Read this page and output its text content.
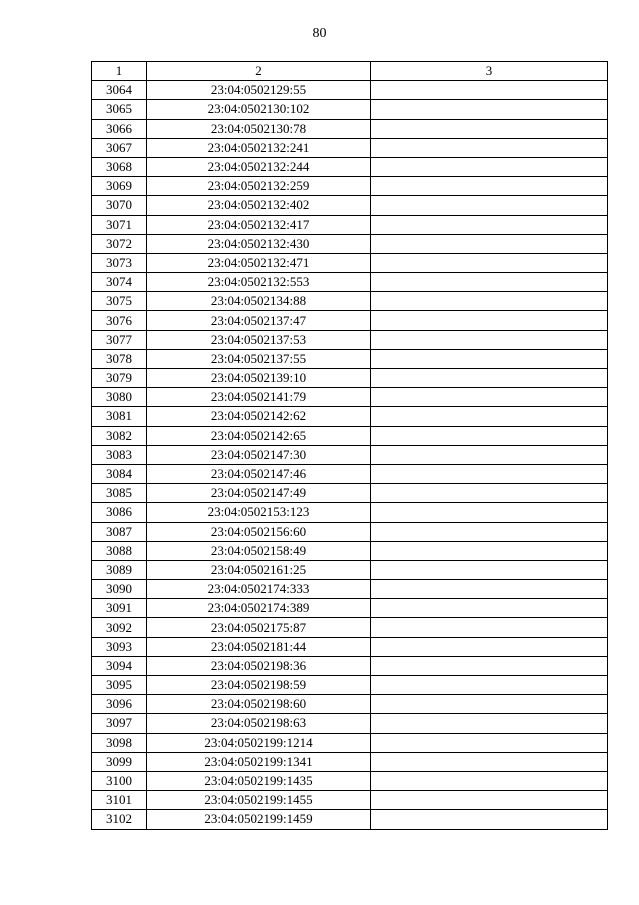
80
1	2	3
3064	23:04:0502129:55	
3065	23:04:0502130:102	
3066	23:04:0502130:78	
3067	23:04:0502132:241	
3068	23:04:0502132:244	
3069	23:04:0502132:259	
3070	23:04:0502132:402	
3071	23:04:0502132:417	
3072	23:04:0502132:430	
3073	23:04:0502132:471	
3074	23:04:0502132:553	
3075	23:04:0502134:88	
3076	23:04:0502137:47	
3077	23:04:0502137:53	
3078	23:04:0502137:55	
3079	23:04:0502139:10	
3080	23:04:0502141:79	
3081	23:04:0502142:62	
3082	23:04:0502142:65	
3083	23:04:0502147:30	
3084	23:04:0502147:46	
3085	23:04:0502147:49	
3086	23:04:0502153:123	
3087	23:04:0502156:60	
3088	23:04:0502158:49	
3089	23:04:0502161:25	
3090	23:04:0502174:333	
3091	23:04:0502174:389	
3092	23:04:0502175:87	
3093	23:04:0502181:44	
3094	23:04:0502198:36	
3095	23:04:0502198:59	
3096	23:04:0502198:60	
3097	23:04:0502198:63	
3098	23:04:0502199:1214	
3099	23:04:0502199:1341	
3100	23:04:0502199:1435	
3101	23:04:0502199:1455	
3102	23:04:0502199:1459	
